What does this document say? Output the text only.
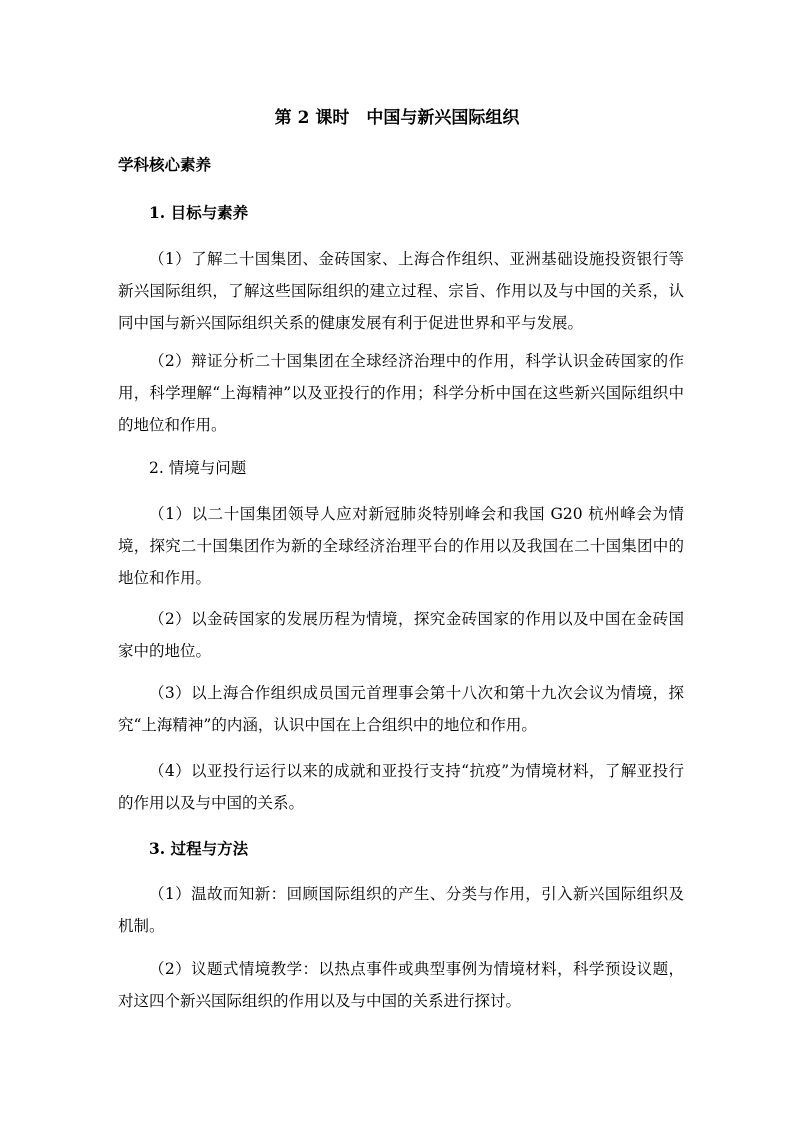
第 2 课时　中国与新兴国际组织

学科核心素养

1. 目标与素养

（1）了解二十国集团、金砖国家、上海合作组织、亚洲基础设施投资银行等新兴国际组织，了解这些国际组织的建立过程、宗旨、作用以及与中国的关系，认同中国与新兴国际组织关系的健康发展有利于促进世界和平与发展。

（2）辩证分析二十国集团在全球经济治理中的作用，科学认识金砖国家的作用，科学理解“上海精神”以及亚投行的作用；科学分析中国在这些新兴国际组织中的地位和作用。

2. 情境与问题

（1）以二十国集团领导人应对新冠肺炎特别峰会和我国 G20 杭州峰会为情境，探究二十国集团作为新的全球经济治理平台的作用以及我国在二十国集团中的地位和作用。

（2）以金砖国家的发展历程为情境，探究金砖国家的作用以及中国在金砖国家中的地位。

（3）以上海合作组织成员国元首理事会第十八次和第十九次会议为情境，探究“上海精神”的内涵，认识中国在上合组织中的地位和作用。

（4）以亚投行运行以来的成就和亚投行支持“抗疫”为情境材料，了解亚投行的作用以及与中国的关系。

3. 过程与方法

（1）温故而知新：回顾国际组织的产生、分类与作用，引入新兴国际组织及机制。

（2）议题式情境教学：以热点事件或典型事例为情境材料，科学预设议题，对这四个新兴国际组织的作用以及与中国的关系进行探讨。
